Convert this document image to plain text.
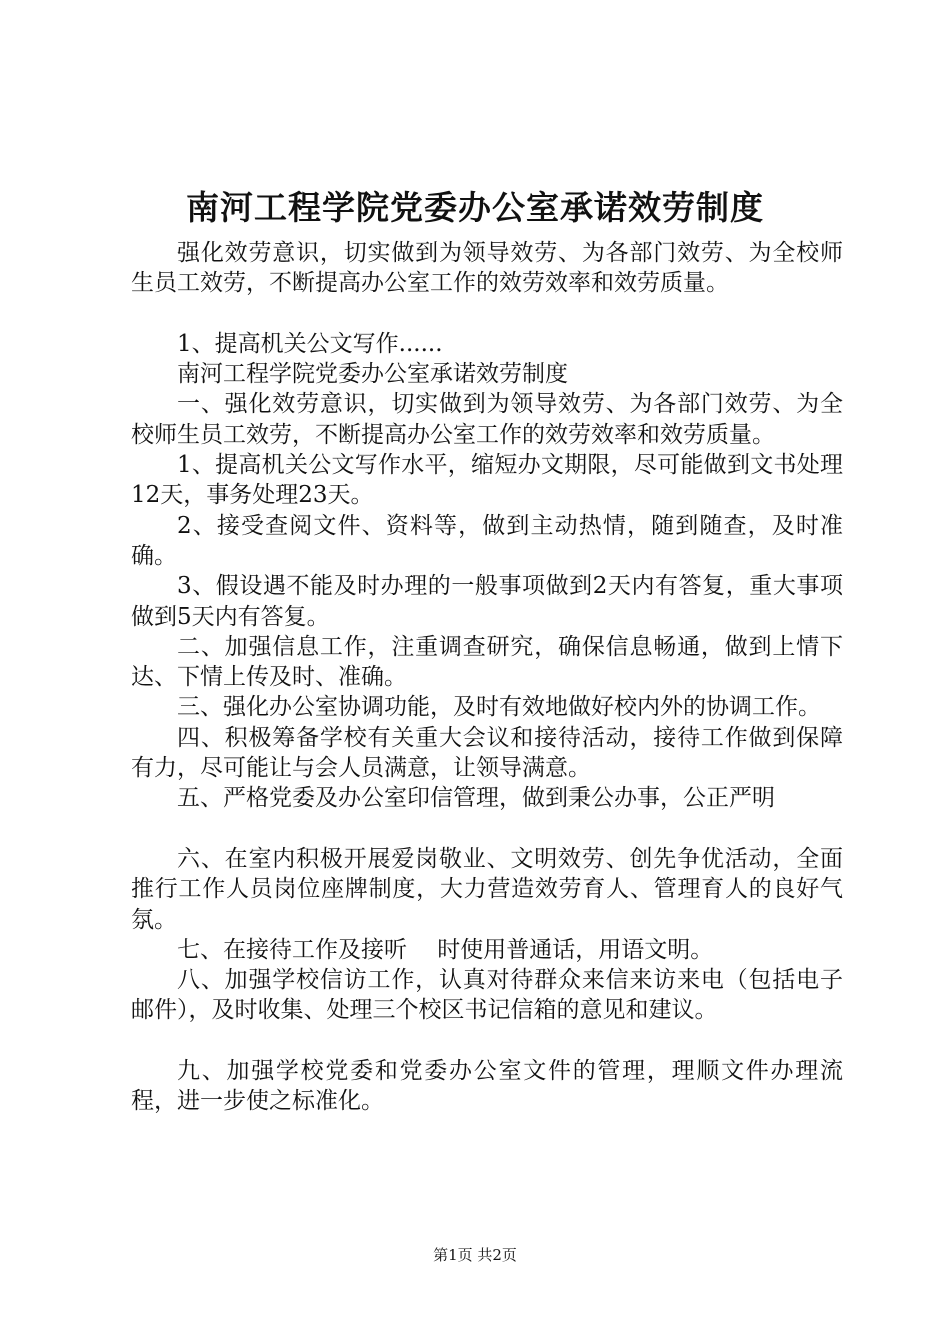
南河工程学院党委办公室承诺效劳制度

强化效劳意识，切实做到为领导效劳、为各部门效劳、为全校师生员工效劳，不断提高办公室工作的效劳效率和效劳质量。

1、提高机关公文写作......

南河工程学院党委办公室承诺效劳制度

一、强化效劳意识，切实做到为领导效劳、为各部门效劳、为全校师生员工效劳，不断提高办公室工作的效劳效率和效劳质量。

1、提高机关公文写作水平，缩短办文期限，尽可能做到文书处理12天，事务处理23天。

2、接受查阅文件、资料等，做到主动热情，随到随查，及时准确。

3、假设遇不能及时办理的一般事项做到2天内有答复，重大事项做到5天内有答复。

二、加强信息工作，注重调查研究，确保信息畅通，做到上情下达、下情上传及时、准确。

三、强化办公室协调功能，及时有效地做好校内外的协调工作。

四、积极筹备学校有关重大会议和接待活动，接待工作做到保障有力，尽可能让与会人员满意，让领导满意。

五、严格党委及办公室印信管理，做到秉公办事，公正严明

六、在室内积极开展爱岗敬业、文明效劳、创先争优活动，全面推行工作人员岗位座牌制度，大力营造效劳育人、管理育人的良好气氛。

七、在接待工作及接听　 时使用普通话，用语文明。

八、加强学校信访工作，认真对待群众来信来访来电（包括电子邮件），及时收集、处理三个校区书记信箱的意见和建议。

九、加强学校党委和党委办公室文件的管理，理顺文件办理流程，进一步使之标准化。

第1页 共2页
